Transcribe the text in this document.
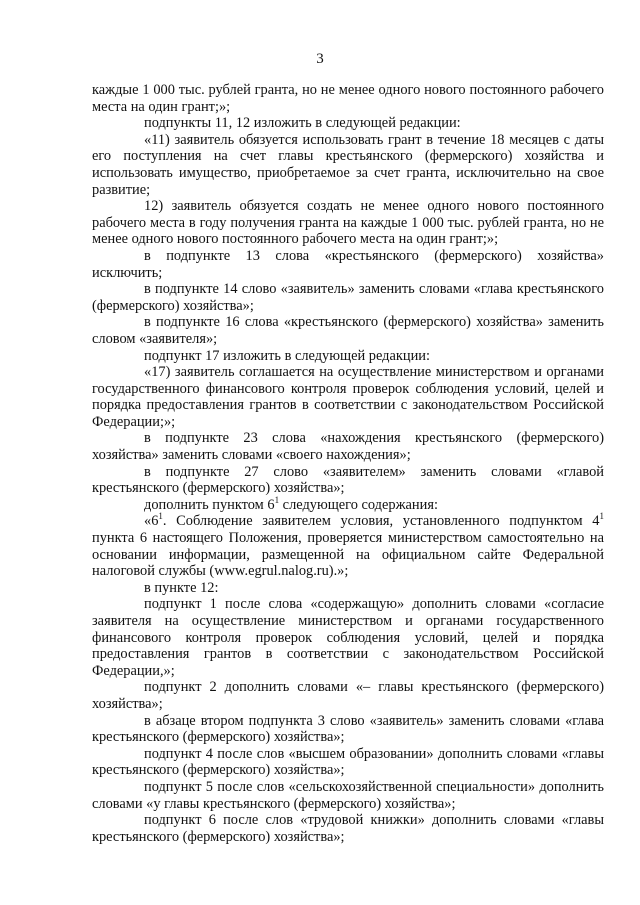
3

каждые 1 000 тыс. рублей гранта, но не менее одного нового постоянного рабочего места на один грант;»;

подпункты 11, 12 изложить в следующей редакции:

«11) заявитель обязуется использовать грант в течение 18 месяцев с даты его поступления на счет главы крестьянского (фермерского) хозяйства и использовать имущество, приобретаемое за счет гранта, исключительно на свое развитие;

12) заявитель обязуется создать не менее одного нового постоянного рабочего места в году получения гранта на каждые 1 000 тыс. рублей гранта, но не менее одного нового постоянного рабочего места на один грант;»;

в подпункте 13 слова «крестьянского (фермерского) хозяйства» исключить;

в подпункте 14 слово «заявитель» заменить словами «глава крестьянского (фермерского) хозяйства»;

в подпункте 16 слова «крестьянского (фермерского) хозяйства» заменить словом «заявителя»;

подпункт 17 изложить в следующей редакции:

«17) заявитель соглашается на осуществление министерством и органами государственного финансового контроля проверок соблюдения условий, целей и порядка предоставления грантов в соответствии с законодательством Российской Федерации;»;

в подпункте 23 слова «нахождения крестьянского (фермерского) хозяйства» заменить словами «своего нахождения»;

в подпункте 27 слово «заявителем» заменить словами «главой крестьянского (фермерского) хозяйства»;

дополнить пунктом $6^1$ следующего содержания:

«$6^1$. Соблюдение заявителем условия, установленного подпунктом $4^1$ пункта 6 настоящего Положения, проверяется министерством самостоятельно на основании информации, размещенной на официальном сайте Федеральной налоговой службы (www.egrul.nalog.ru).»;

в пункте 12:

подпункт 1 после слова «содержащую» дополнить словами «согласие заявителя на осуществление министерством и органами государственного финансового контроля проверок соблюдения условий, целей и порядка предоставления грантов в соответствии с законодательством Российской Федерации,»;

подпункт 2 дополнить словами «– главы крестьянского (фермерского) хозяйства»;

в абзаце втором подпункта 3 слово «заявитель» заменить словами «глава крестьянского (фермерского) хозяйства»;

подпункт 4 после слов «высшем образовании» дополнить словами «главы крестьянского (фермерского) хозяйства»;

подпункт 5 после слов «сельскохозяйственной специальности» дополнить словами «у главы крестьянского (фермерского) хозяйства»;

подпункт 6 после слов «трудовой книжки» дополнить словами «главы крестьянского (фермерского) хозяйства»;
